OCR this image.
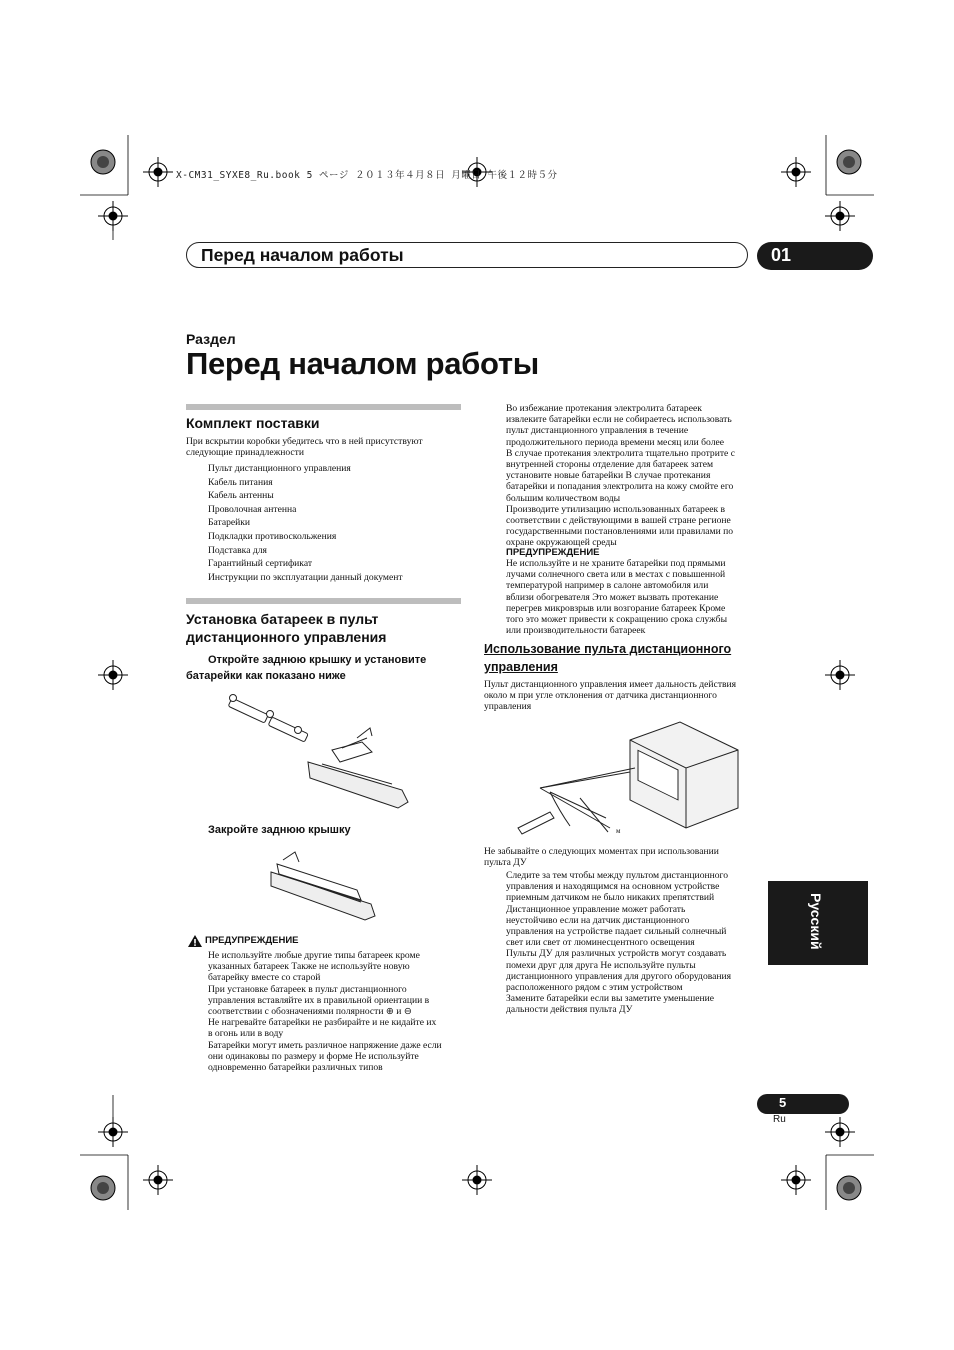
X-CM31_SYXE8_Ru.book 5 ページ ２０１３年４月８日 月曜日 午後１２時５分
Перед началом работы	01
Раздел
Перед началом работы
Комплект поставки
При вскрытии коробки убедитесь что в ней присутствуют
следующие принадлежности
Пульт дистанционного управления
Кабель питания
Кабель антенны
Проволочная антенна
Батарейки
Подкладки противоскольжения
Подставка для
Гарантийный сертификат
Инструкции по эксплуатации данный документ
Установка батареек в пульт
дистанционного управления
Откройте заднюю крышку и установите
батарейки как показано ниже
Закройте заднюю крышку
ПРЕДУПРЕЖДЕНИЕ
Не используйте любые другие типы батареек кроме
указанных батареек Также не используйте новую
батарейку вместе со старой
При установке батареек в пульт дистанционного
управления вставляйте их в правильной ориентации в
соответствии с обозначениями полярности ⊕ и ⊖
Не нагревайте батарейки не разбирайте и не кидайте их
в огонь или в воду
Батарейки могут иметь различное напряжение даже если
они одинаковы по размеру и форме Не используйте
одновременно батарейки различных типов
Во избежание протекания электролита батареек
извлеките батарейки если не собираетесь использовать
пульт дистанционного управления в течение
продолжительного периода времени месяц или более
В случае протекания электролита тщательно протрите с
внутренней стороны отделение для батареек затем
установите новые батарейки В случае протекания
батарейки и попадания электролита на кожу смойте его
большим количеством воды
Производите утилизацию использованных батареек в
соответствии с действующими в вашей стране регионе
государственными постановлениями или правилами по
охране окружающей среды
ПРЕДУПРЕЖДЕНИЕ
Не используйте и не храните батарейки под прямыми
лучами солнечного света или в местах с повышенной
температурой например в салоне автомобиля или
вблизи обогревателя Это может вызвать протекание
перегрев микровзрыв или возгорание батареек Кроме
того это может привести к сокращению срока службы
или производительности батареек
Использование пульта дистанционного
управления
Пульт дистанционного управления имеет дальность действия
около м при угле отклонения от датчика дистанционного
управления
м
Не забывайте о следующих моментах при использовании
пульта ДУ
Следите за тем чтобы между пультом дистанционного
управления и находящимся на основном устройстве
приемным датчиком не было никаких препятствий
Дистанционное управление может работать
неустойчиво если на датчик дистанционного
управления на устройстве падает сильный солнечный
свет или свет от люминесцентного освещения
Пульты ДУ для различных устройств могут создавать
помехи друг для друга Не используйте пульты
дистанционного управления для другого оборудования
расположенного рядом с этим устройством
Замените батарейки если вы заметите уменьшение
дальности действия пульта ДУ
Русский
5
Ru
